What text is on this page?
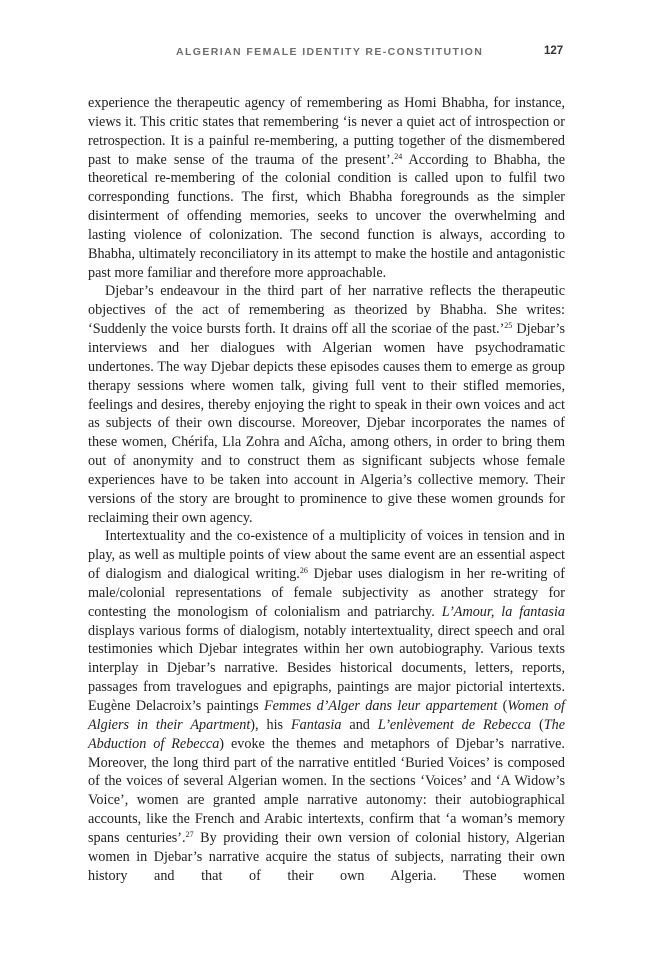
ALGERIAN FEMALE IDENTITY RE-CONSTITUTION	127

experience the therapeutic agency of remembering as Homi Bhabha, for instance, views it. This critic states that remembering ‘is never a quiet act of introspection or retrospection. It is a painful re-membering, a putting together of the dismembered past to make sense of the trauma of the present’.$^{24}$ According to Bhabha, the theoretical re-membering of the colonial condition is called upon to fulfil two corresponding functions. The first, which Bhabha foregrounds as the simpler disinterment of offending memories, seeks to uncover the overwhelming and lasting violence of colonization. The second function is always, according to Bhabha, ultimately reconciliatory in its attempt to make the hostile and antagonistic past more familiar and therefore more approachable.

Djebar’s endeavour in the third part of her narrative reflects the therapeutic objectives of the act of remembering as theorized by Bhabha. She writes: ‘Suddenly the voice bursts forth. It drains off all the scoriae of the past.’$^{25}$ Djebar’s interviews and her dialogues with Algerian women have psychodramatic undertones. The way Djebar depicts these episodes causes them to emerge as group therapy sessions where women talk, giving full vent to their stifled memories, feelings and desires, thereby enjoying the right to speak in their own voices and act as subjects of their own discourse. Moreover, Djebar incorporates the names of these women, Chérifa, Lla Zohra and Aîcha, among others, in order to bring them out of anonymity and to construct them as significant subjects whose female experiences have to be taken into account in Algeria’s collective memory. Their versions of the story are brought to prominence to give these women grounds for reclaiming their own agency.

Intertextuality and the co-existence of a multiplicity of voices in tension and in play, as well as multiple points of view about the same event are an essential aspect of dialogism and dialogical writing.$^{26}$ Djebar uses dialogism in her re-writing of male/colonial representations of female subjectivity as another strategy for contesting the monologism of colonialism and patriarchy. L’Amour, la fantasia displays various forms of dialogism, notably intertextuality, direct speech and oral testimonies which Djebar integrates within her own autobiography. Various texts interplay in Djebar’s narrative. Besides historical documents, letters, reports, passages from travelogues and epigraphs, paintings are major pictorial intertexts. Eugène Delacroix’s paintings Femmes d’Alger dans leur appartement (Women of Algiers in their Apartment), his Fantasia and L’enlèvement de Rebecca (The Abduction of Rebecca) evoke the themes and metaphors of Djebar’s narrative. Moreover, the long third part of the narrative entitled ‘Buried Voices’ is composed of the voices of several Algerian women. In the sections ‘Voices’ and ‘A Widow’s Voice’, women are granted ample narrative autonomy: their autobiographical accounts, like the French and Arabic intertexts, confirm that ‘a woman’s memory spans centuries’.$^{27}$ By providing their own version of colonial history, Algerian women in Djebar’s narrative acquire the status of subjects, narrating their own history and that of their own Algeria. These women
